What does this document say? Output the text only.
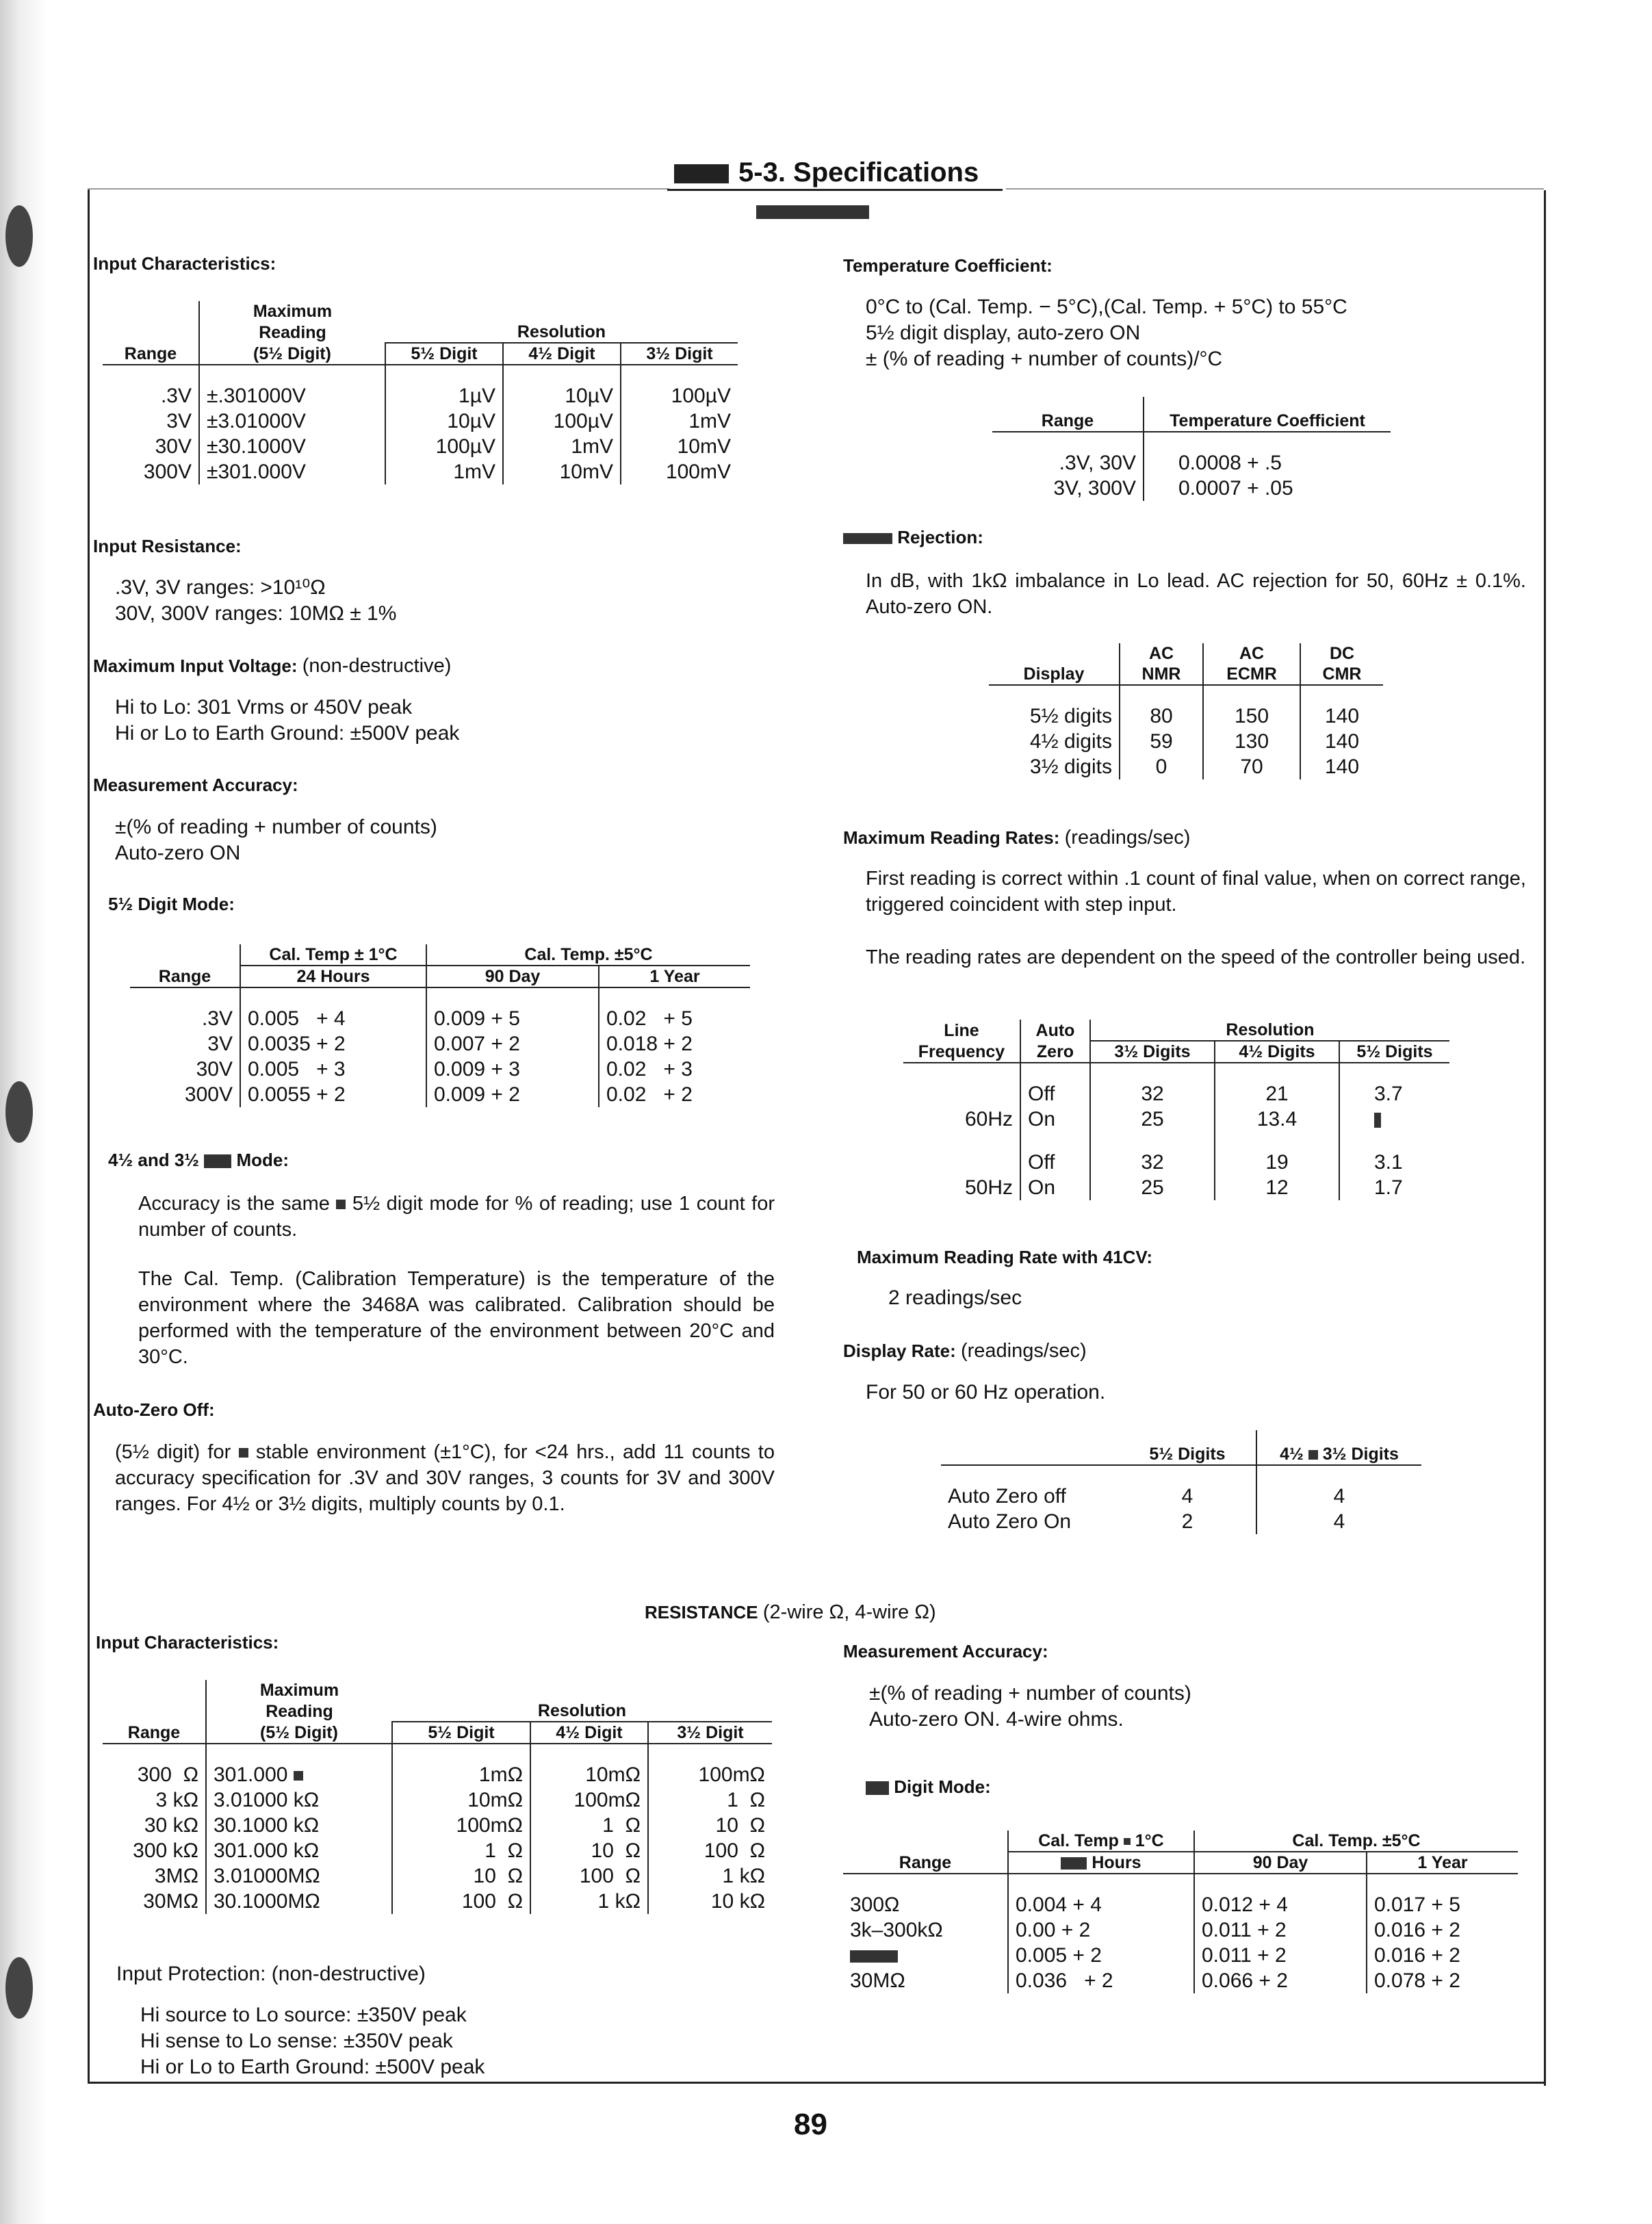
5-3. Specifications
Input Characteristics:
	Maximum			
	Reading	Resolution		
Range	(5½ Digit)	5½ Digit	4½ Digit	3½ Digit

.3V	±.301000V	1µV	10µV	100µV
3V	±3.01000V	10µV	100µV	1mV
30V	±30.1000V	100µV	1mV	10mV
300V	±301.000V	1mV	10mV	100mV
Input Resistance:
.3V, 3V ranges: >10¹⁰Ω
30V, 300V ranges: 10MΩ ± 1%
Maximum Input Voltage: (non-destructive)
Hi to Lo: 301 Vrms or 450V peak
Hi or Lo to Earth Ground: ±500V peak
Measurement Accuracy:
±(% of reading + number of counts)
Auto-zero ON
5½ Digit Mode:
	Cal. Temp ± 1°C	Cal. Temp. ±5°C	
Range	24 Hours	90 Day	1 Year

.3V	0.005   + 4	0.009 + 5	0.02   + 5
3V	0.0035 + 2	0.007 + 2	0.018 + 2
30V	0.005   + 3	0.009 + 3	0.02   + 3
300V	0.0055 + 2	0.009 + 2	0.02   + 2
4½ and 3½ Mode:
Accuracy is the same 5½ digit mode for % of reading; use 1 count for number of counts.
The Cal. Temp. (Calibration Temperature) is the temperature of the environment where the 3468A was calibrated. Calibration should be performed with the temperature of the environment between 20°C and 30°C.
Auto-Zero Off:
(5½ digit) for stable environment (±1°C), for <24 hrs., add 11 counts to accuracy specification for .3V and 30V ranges, 3 counts for 3V and 300V ranges. For 4½ or 3½ digits, multiply counts by 0.1.
Temperature Coefficient:
0°C to (Cal. Temp. − 5°C),(Cal. Temp. + 5°C) to 55°C
5½ digit display, auto-zero ON
± (% of reading + number of counts)/°C
Range	Temperature Coefficient

.3V, 30V	0.0008 + .5
3V, 300V	0.0007 + .05
Rejection:
In dB, with 1kΩ imbalance in Lo lead. AC rejection for 50, 60Hz ± 0.1%. Auto-zero ON.
	AC	AC	DC
Display	NMR	ECMR	CMR

5½ digits	80	150	140
4½ digits	59	130	140
3½ digits	0	70	140
Maximum Reading Rates: (readings/sec)
First reading is correct within .1 count of final value, when on correct range, triggered coincident with step input.
The reading rates are dependent on the speed of the controller being used.
Line	Auto	Resolution		
Frequency	Zero	3½ Digits	4½ Digits	5½ Digits

	Off	32	21	3.7
60Hz	On	25	13.4	

	Off	32	19	3.1
50Hz	On	25	12	1.7
Maximum Reading Rate with 41CV:
2 readings/sec
Display Rate: (readings/sec)
For 50 or 60 Hz operation.
	5½ Digits	4½ 3½ Digits

Auto Zero off	4	4
Auto Zero On	2	4
RESISTANCE (2-wire Ω, 4-wire Ω)
Input Characteristics:
	Maximum			
	Reading	Resolution		
Range	(5½ Digit)	5½ Digit	4½ Digit	3½ Digit

300  Ω	301.000	1mΩ	10mΩ	100mΩ
3 kΩ	3.01000 kΩ	10mΩ	100mΩ	1  Ω
30 kΩ	30.1000 kΩ	100mΩ	1  Ω	10  Ω
300 kΩ	301.000 kΩ	1  Ω	10  Ω	100  Ω
3MΩ	3.01000MΩ	10  Ω	100  Ω	1 kΩ
30MΩ	30.1000MΩ	100  Ω	1 kΩ	10 kΩ
Input Protection: (non-destructive)
Hi source to Lo source: ±350V peak
Hi sense to Lo sense: ±350V peak
Hi or Lo to Earth Ground: ±500V peak
Measurement Accuracy:
±(% of reading + number of counts)
Auto-zero ON. 4-wire ohms.
Digit Mode:
	Cal. Temp 1°C	Cal. Temp. ±5°C	
Range	Hours	90 Day	1 Year

300Ω	0.004 + 4	0.012 + 4	0.017 + 5
3k–300kΩ	0.00 + 2	0.011 + 2	0.016 + 2
	0.005 + 2	0.011 + 2	0.016 + 2
30MΩ	0.036   + 2	0.066 + 2	0.078 + 2
89
